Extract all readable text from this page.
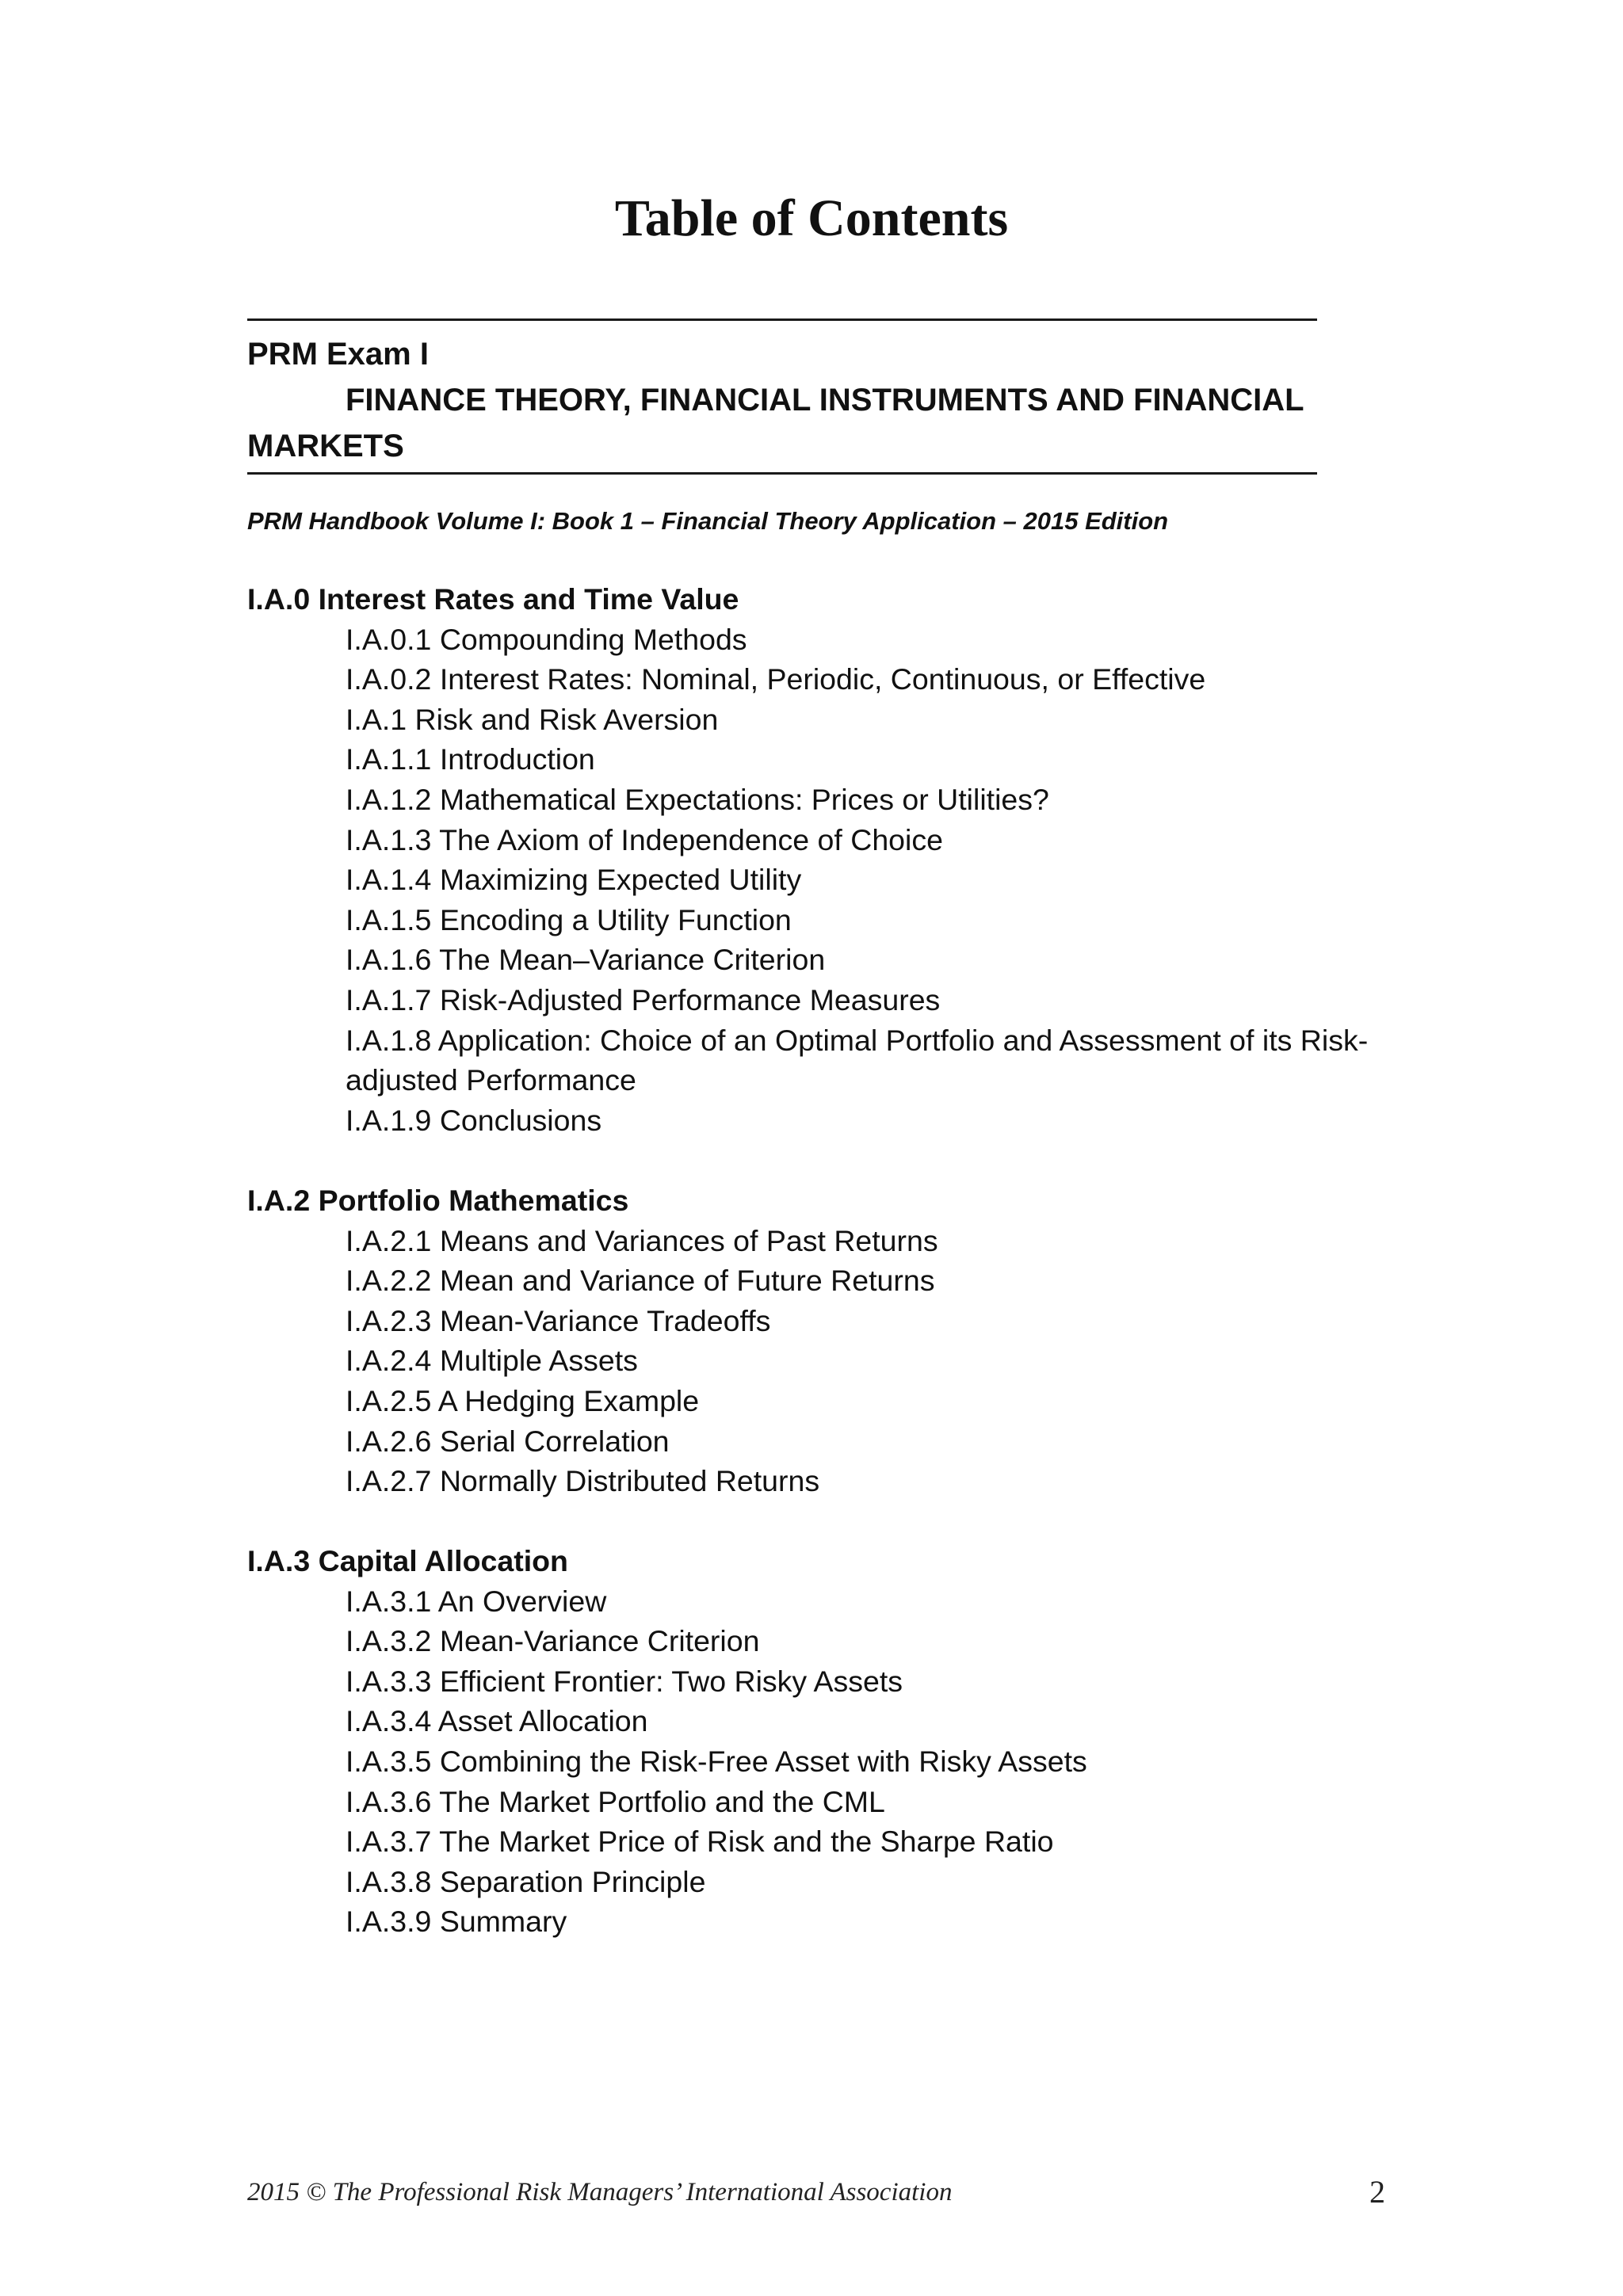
Table of Contents
PRM Exam I
FINANCE THEORY, FINANCIAL INSTRUMENTS AND FINANCIAL
MARKETS
PRM Handbook Volume I: Book 1 – Financial Theory Application – 2015 Edition
I.A.0 Interest Rates and Time Value
I.A.0.1 Compounding Methods
I.A.0.2 Interest Rates: Nominal, Periodic, Continuous, or Effective
I.A.1 Risk and Risk Aversion
I.A.1.1 Introduction
I.A.1.2 Mathematical Expectations: Prices or Utilities?
I.A.1.3 The Axiom of Independence of Choice
I.A.1.4 Maximizing Expected Utility
I.A.1.5 Encoding a Utility Function
I.A.1.6 The Mean–Variance Criterion
I.A.1.7 Risk-Adjusted Performance Measures
I.A.1.8 Application: Choice of an Optimal Portfolio and Assessment of its Risk-
adjusted Performance
I.A.1.9 Conclusions
I.A.2 Portfolio Mathematics
I.A.2.1 Means and Variances of Past Returns
I.A.2.2 Mean and Variance of Future Returns
I.A.2.3 Mean-Variance Tradeoffs
I.A.2.4 Multiple Assets
I.A.2.5 A Hedging Example
I.A.2.6 Serial Correlation
I.A.2.7 Normally Distributed Returns
I.A.3 Capital Allocation
I.A.3.1 An Overview
I.A.3.2 Mean-Variance Criterion
I.A.3.3 Efficient Frontier: Two Risky Assets
I.A.3.4 Asset Allocation
I.A.3.5 Combining the Risk-Free Asset with Risky Assets
I.A.3.6 The Market Portfolio and the CML
I.A.3.7 The Market Price of Risk and the Sharpe Ratio
I.A.3.8 Separation Principle
I.A.3.9 Summary
2015 © The Professional Risk Managers’ International Association	2
